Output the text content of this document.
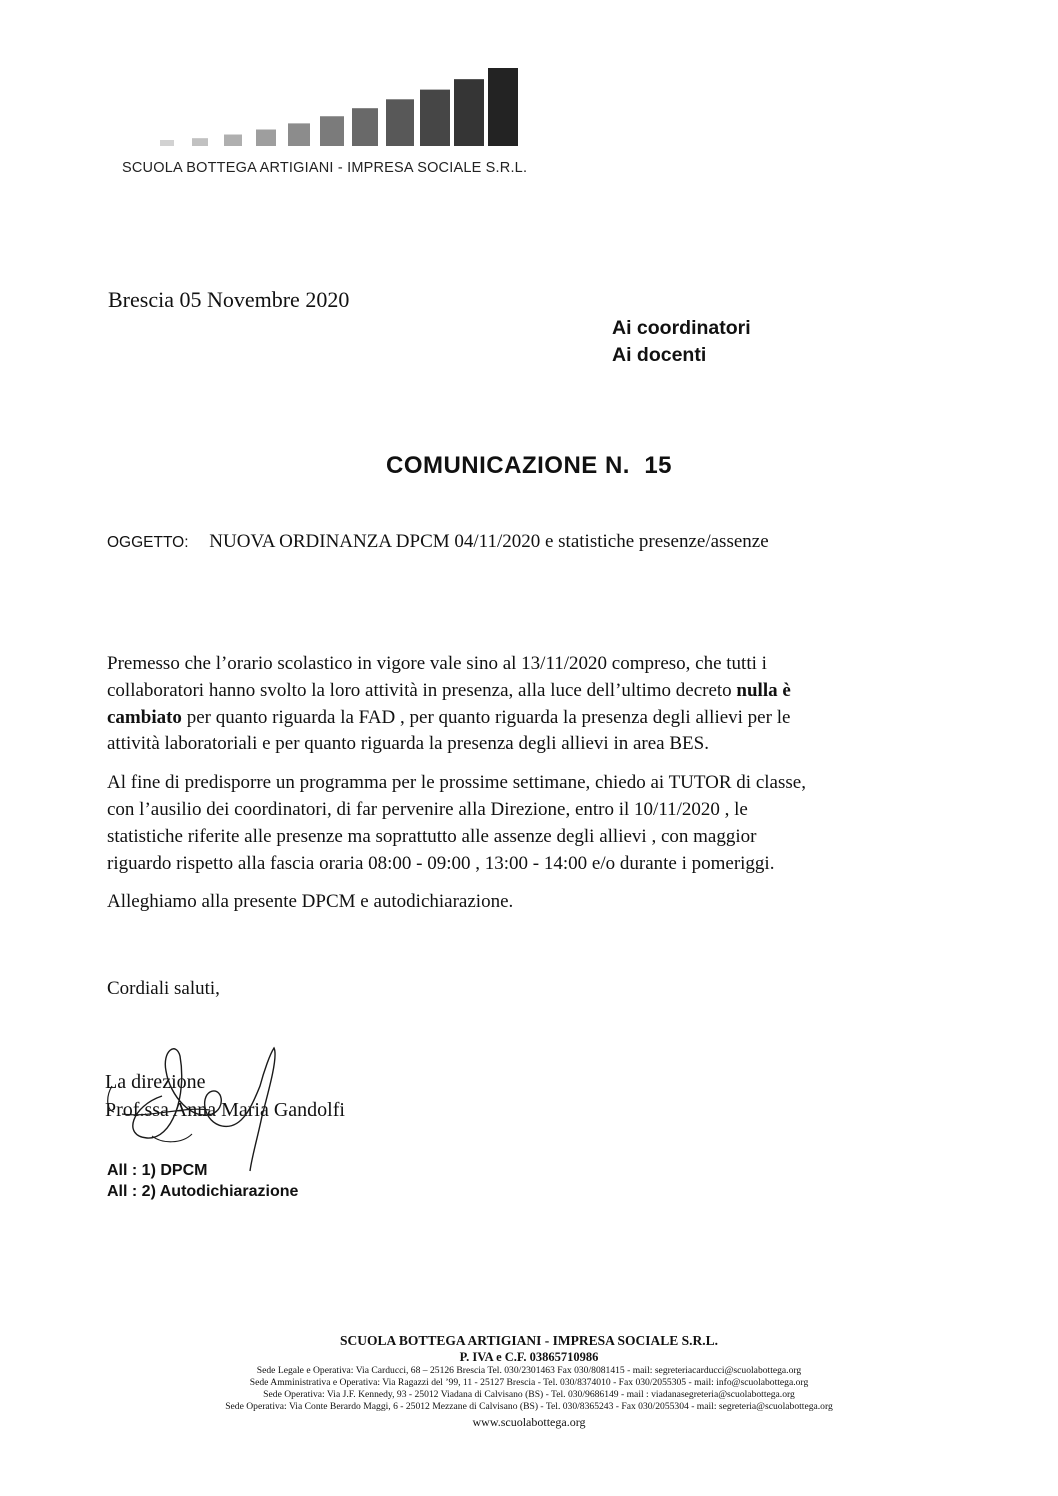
SCUOLA BOTTEGA ARTIGIANI - IMPRESA SOCIALE S.R.L.
Brescia 05 Novembre 2020
Ai coordinatori
Ai docenti
COMUNICAZIONE N.  15
OGGETTO: NUOVA ORDINANZA DPCM 04/11/2020 e statistiche presenze/assenze

Premesso che l’orario scolastico in vigore vale sino al 13/11/2020 compreso, che tutti i collaboratori hanno svolto la loro attività in presenza, alla luce dell’ultimo decreto nulla è cambiato per quanto riguarda la FAD , per quanto riguarda la presenza degli allievi per le attività laboratoriali e per quanto riguarda la presenza degli allievi in area BES.

Al fine di predisporre un programma per le prossime settimane, chiedo ai TUTOR di classe, con l’ausilio dei coordinatori, di far pervenire alla Direzione, entro il 10/11/2020 , le statistiche riferite alle presenze ma soprattutto alle assenze degli allievi , con maggior riguardo rispetto alla fascia oraria 08:00 - 09:00 , 13:00 - 14:00 e/o durante i pomeriggi.

Alleghiamo alla presente DPCM e autodichiarazione.

Cordiali saluti,
La direzione
Prof.ssa Anna Maria Gandolfi
All : 1) DPCM
All : 2) Autodichiarazione
SCUOLA BOTTEGA ARTIGIANI - IMPRESA SOCIALE S.R.L.
P. IVA e C.F. 03865710986
Sede Legale e Operativa: Via Carducci, 68 – 25126 Brescia Tel. 030/2301463 Fax 030/8081415 - mail: segreteriacarducci@scuolabottega.org
Sede Amministrativa e Operativa: Via Ragazzi del ’99, 11 - 25127 Brescia - Tel. 030/8374010 - Fax 030/2055305 - mail: info@scuolabottega.org
Sede Operativa: Via J.F. Kennedy, 93 - 25012 Viadana di Calvisano (BS) - Tel. 030/9686149 - mail : viadanasegreteria@scuolabottega.org
Sede Operativa: Via Conte Berardo Maggi, 6 - 25012 Mezzane di Calvisano (BS) - Tel. 030/8365243 - Fax 030/2055304 - mail: segreteria@scuolabottega.org
www.scuolabottega.org
